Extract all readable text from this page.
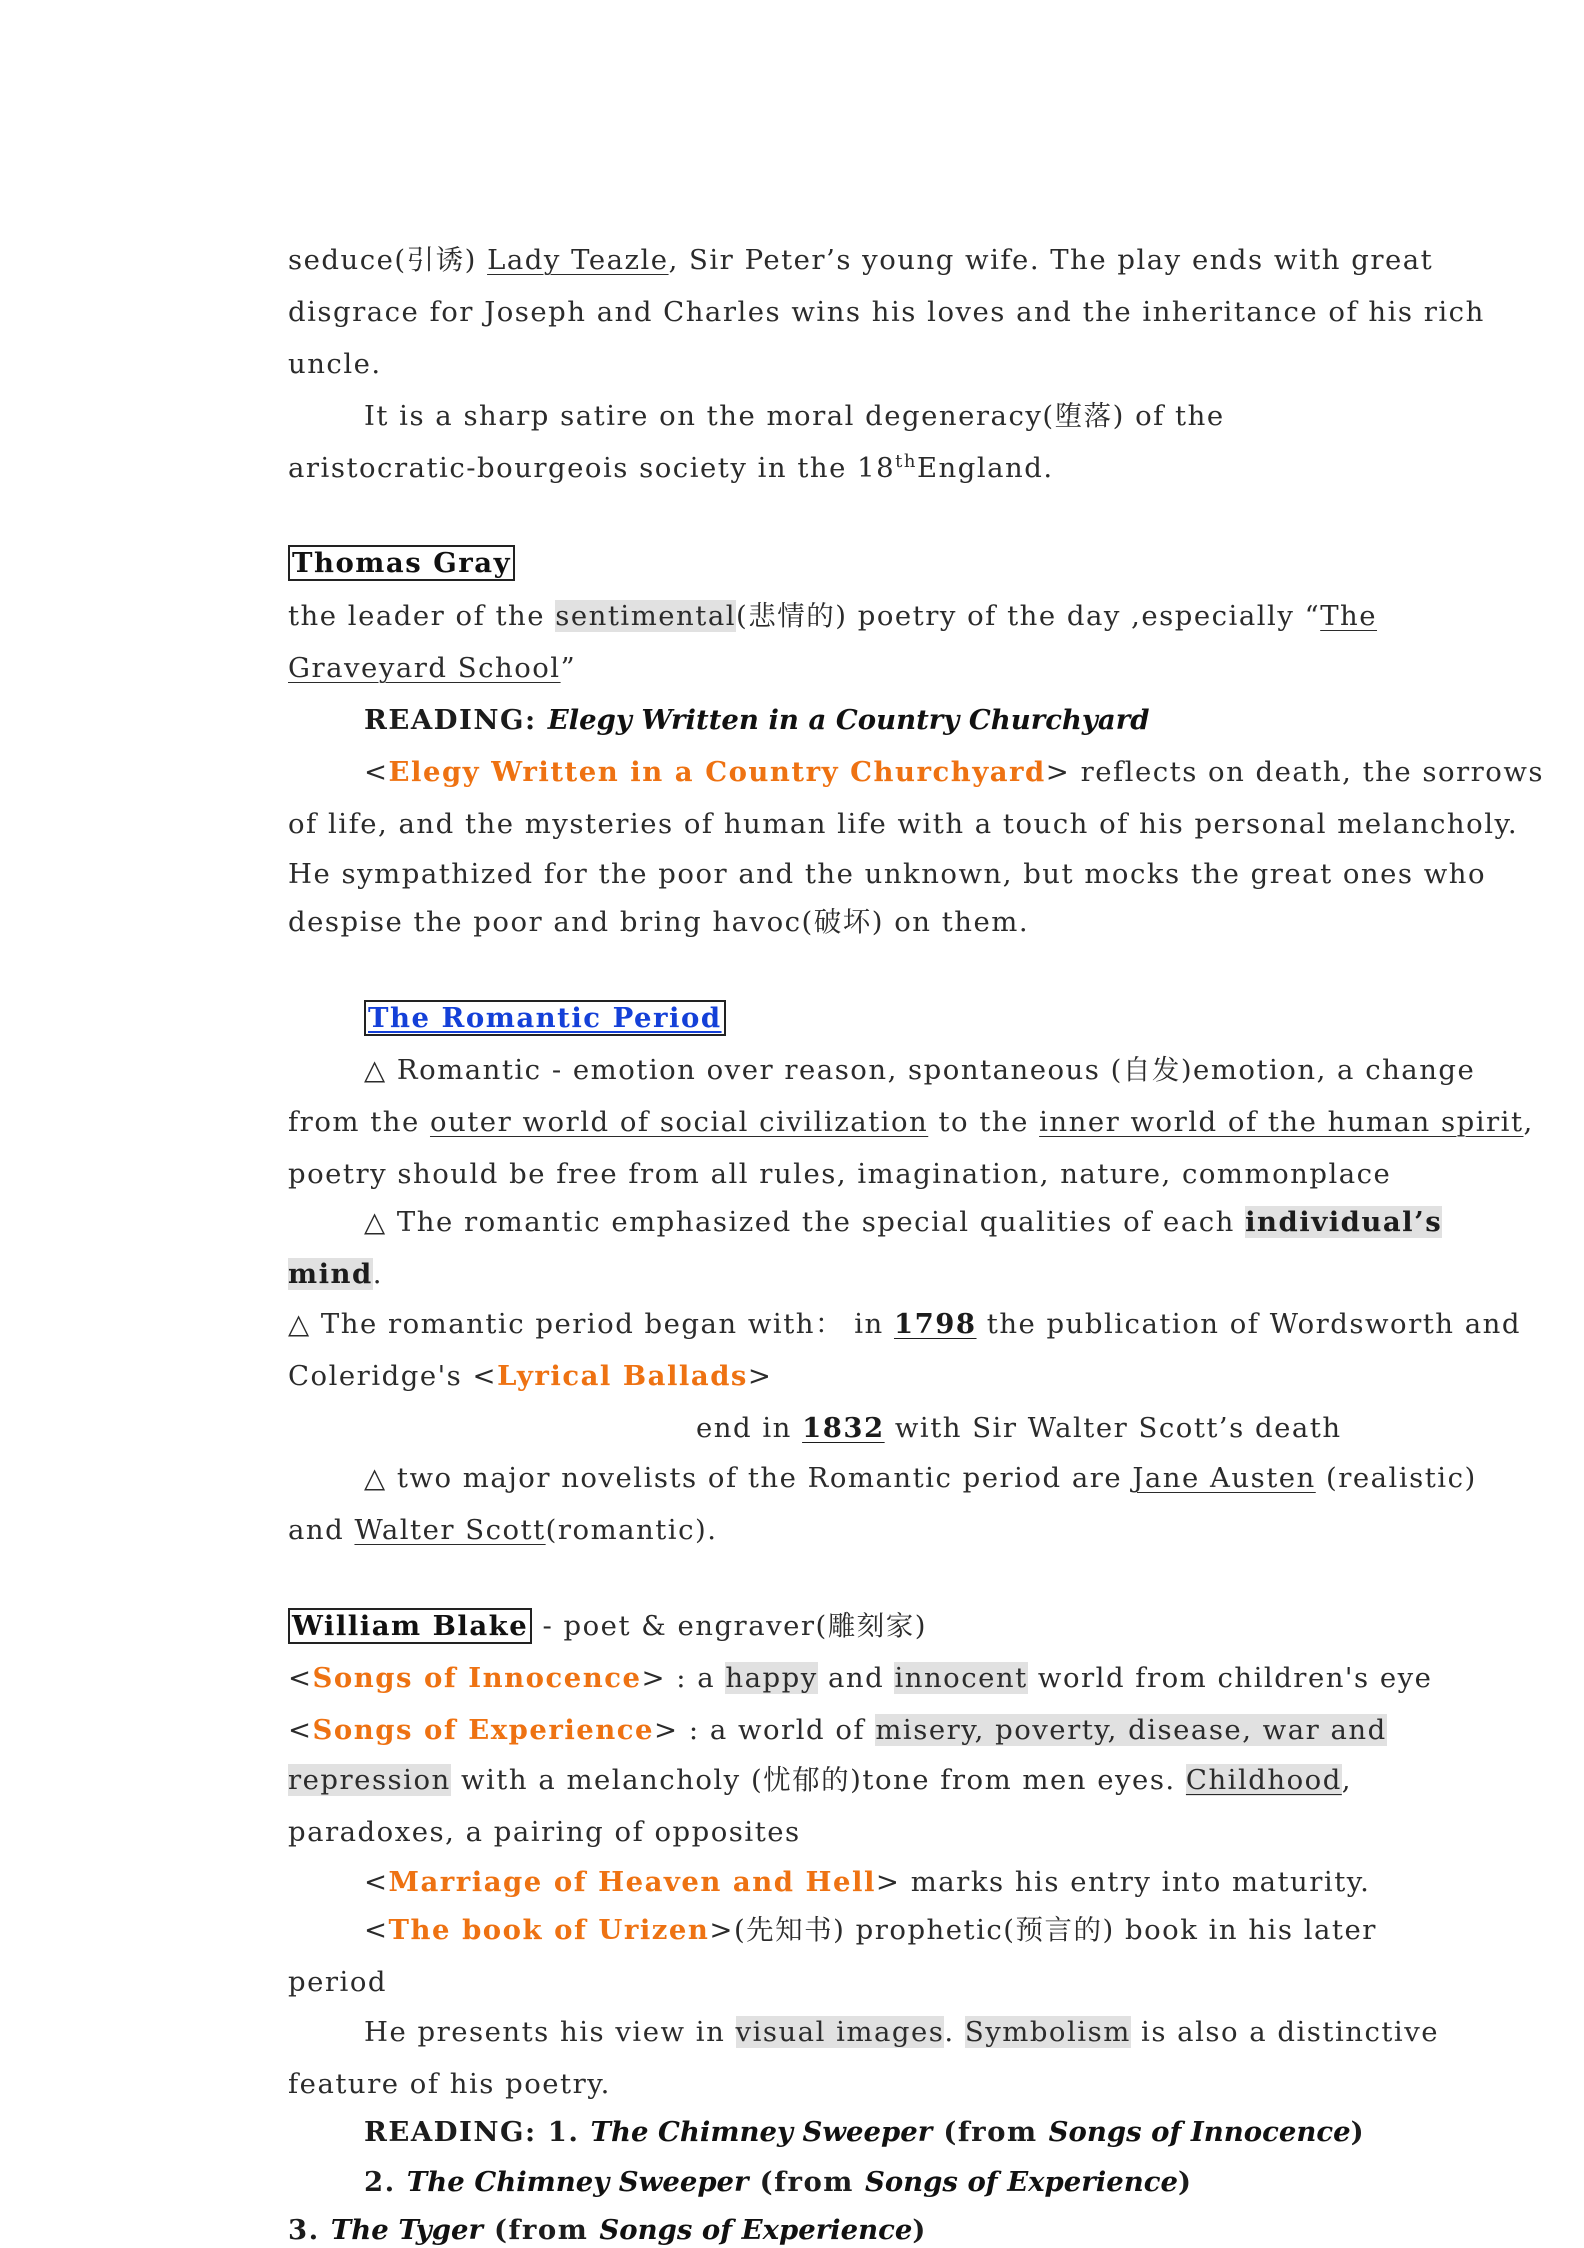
seduce(引诱) Lady Teazle, Sir Peter’s young wife. The play ends with great
disgrace for Joseph and Charles wins his loves and the inheritance of his rich
uncle.
It is a sharp satire on the moral degeneracy(堕落) of the
aristocratic-bourgeois society in the 18thEngland.
Thomas Gray
the leader of the sentimental(悲情的) poetry of the day ,especially “The
Graveyard School”
READING: Elegy Written in a Country Churchyard
<Elegy Written in a Country Churchyard> reflects on death, the sorrows
of life, and the mysteries of human life with a touch of his personal melancholy.
He sympathized for the poor and the unknown, but mocks the great ones who
despise the poor and bring havoc(破坏) on them.
The Romantic Period
△ Romantic - emotion over reason, spontaneous (自发)emotion, a change
from the outer world of social civilization to the inner world of the human spirit,
poetry should be free from all rules, imagination, nature, commonplace
△ The romantic emphasized the special qualities of each individual’s
mind.
△ The romantic period began with： in 1798 the publication of Wordsworth and
Coleridge's <Lyrical Ballads>
end in 1832 with Sir Walter Scott’s death
△ two major novelists of the Romantic period are Jane Austen (realistic)
and Walter Scott(romantic).
William Blake - poet & engraver(雕刻家)
<Songs of Innocence> : a happy and innocent world from children's eye
<Songs of Experience> : a world of misery, poverty, disease, war and
repression with a melancholy (忧郁的)tone from men eyes. Childhood,
paradoxes, a pairing of opposites
<Marriage of Heaven and Hell> marks his entry into maturity.
<The book of Urizen>(先知书) prophetic(预言的) book in his later
period
He presents his view in visual images. Symbolism is also a distinctive
feature of his poetry.
READING: 1. The Chimney Sweeper (from Songs of Innocence)
2. The Chimney Sweeper (from Songs of Experience)
3. The Tyger (from Songs of Experience)
